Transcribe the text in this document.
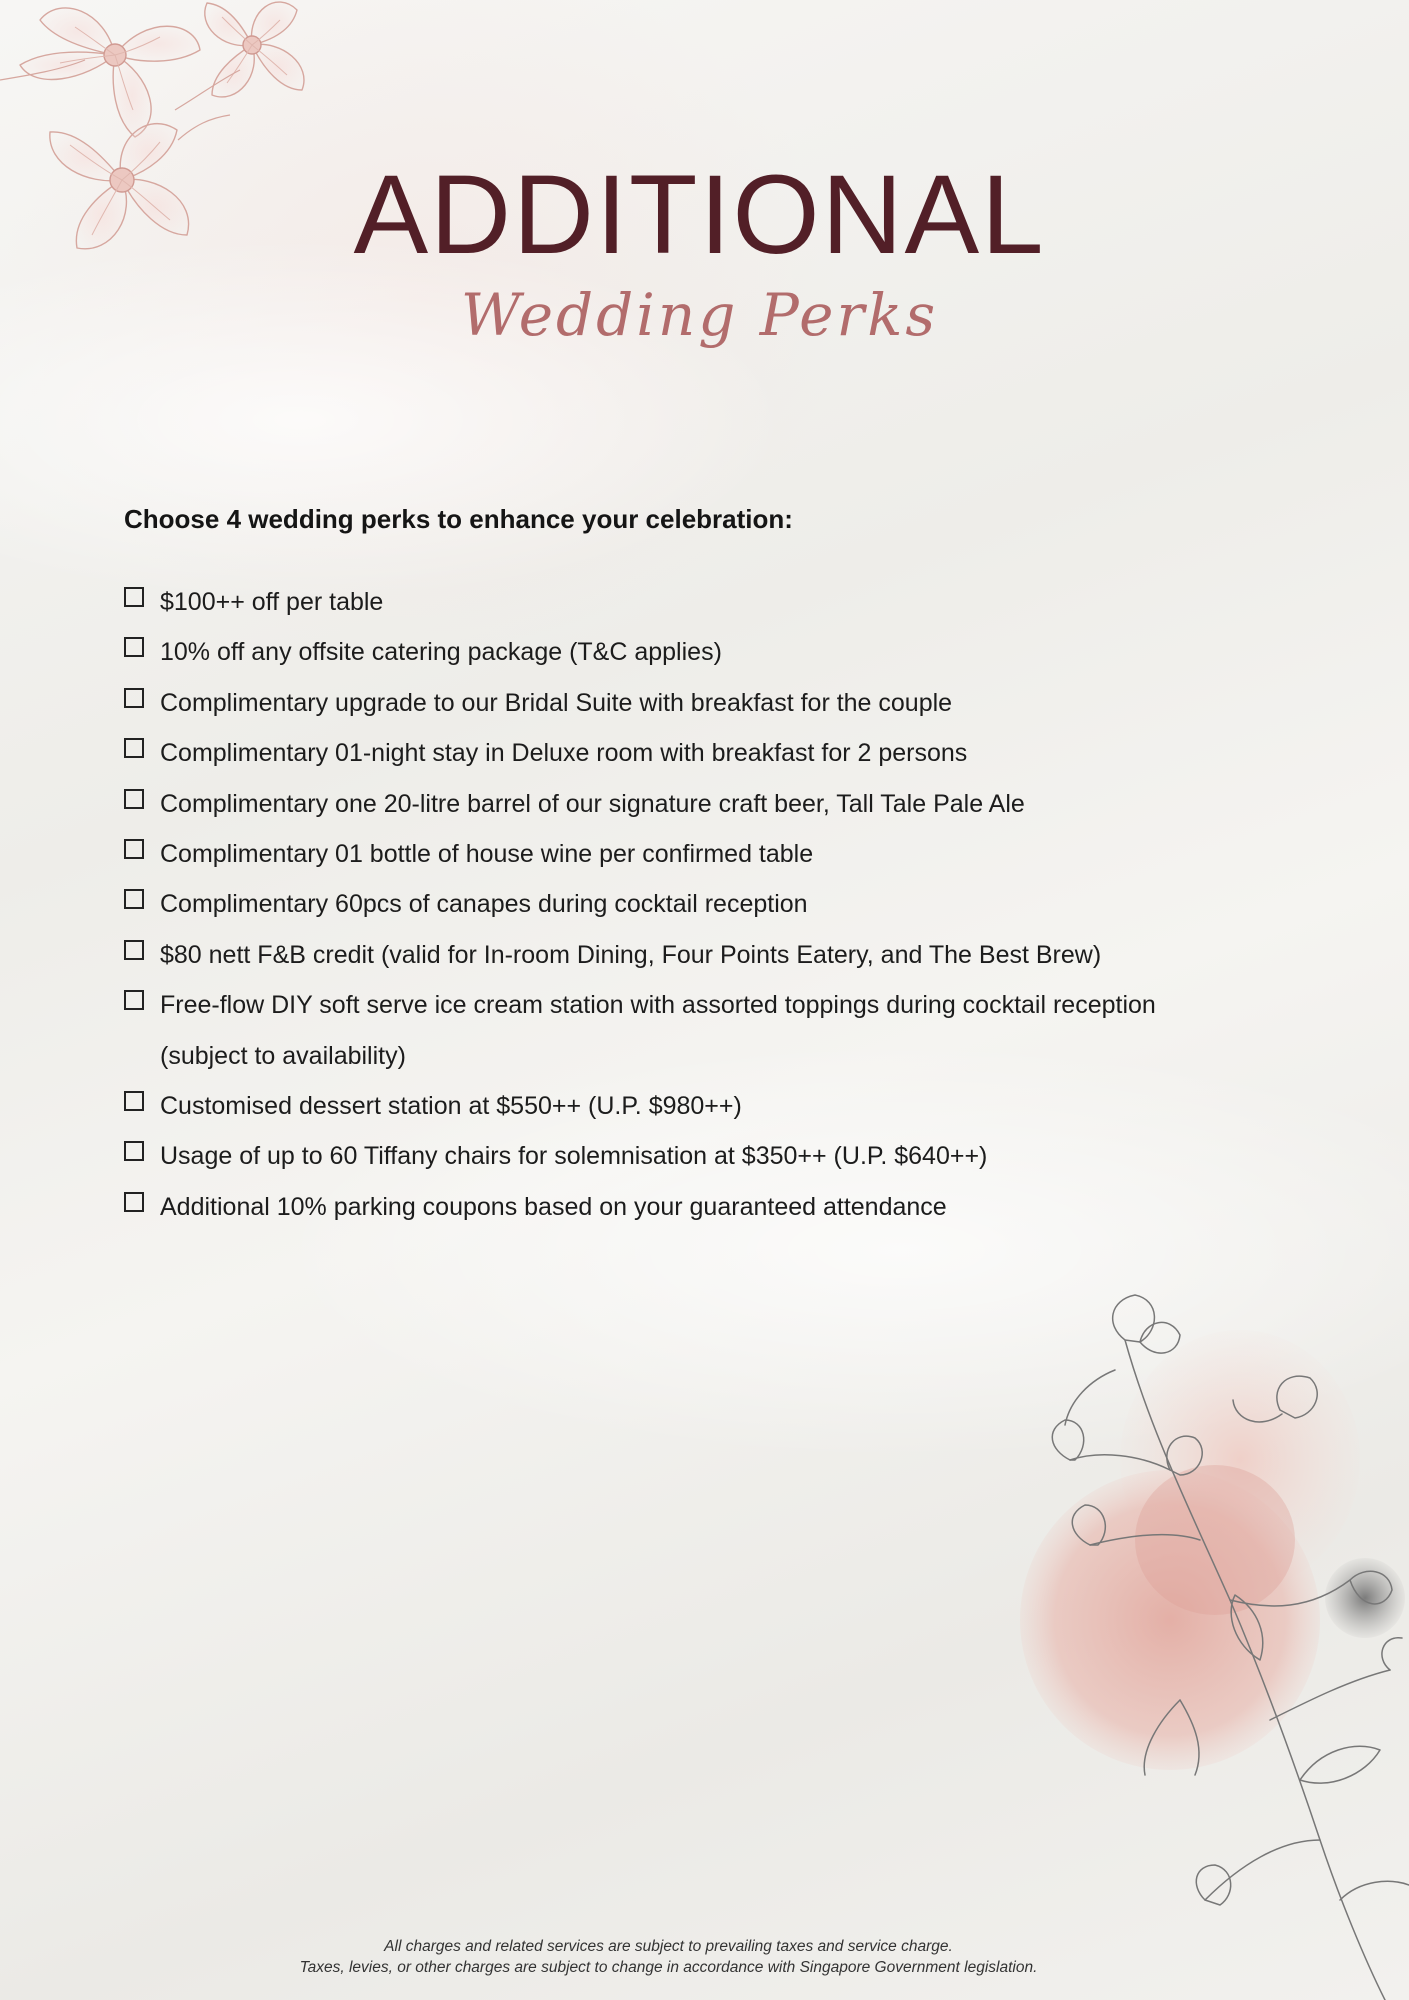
ADDITIONAL
Wedding Perks

Choose 4 wedding perks to enhance your celebration:

$100++ off per table
10% off any offsite catering package (T&C applies)
Complimentary upgrade to our Bridal Suite with breakfast for the couple
Complimentary 01-night stay in Deluxe room with breakfast for 2 persons
Complimentary one 20-litre barrel of our signature craft beer, Tall Tale Pale Ale
Complimentary 01 bottle of house wine per confirmed table
Complimentary 60pcs of canapes during cocktail reception
$80 nett F&B credit (valid for In-room Dining, Four Points Eatery, and The Best Brew)
Free-flow DIY soft serve ice cream station with assorted toppings during cocktail reception (subject to availability)
Customised dessert station at $550++ (U.P. $980++)
Usage of up to 60 Tiffany chairs for solemnisation at $350++ (U.P. $640++)
Additional 10% parking coupons based on your guaranteed attendance
All charges and related services are subject to prevailing taxes and service charge.
Taxes, levies, or other charges are subject to change in accordance with Singapore Government legislation.
